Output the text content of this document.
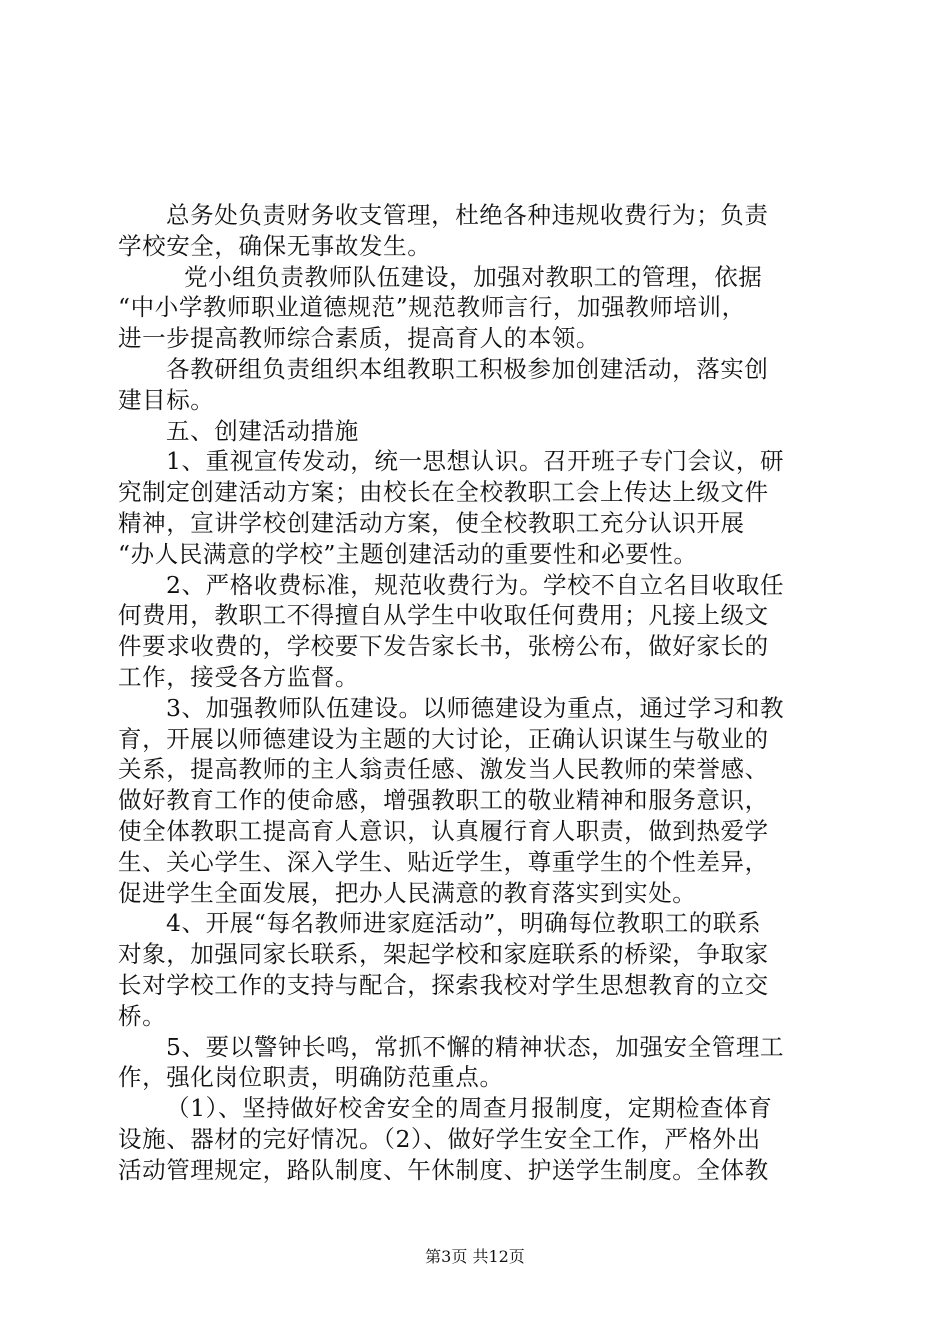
总务处负责财务收支管理，杜绝各种违规收费行为；负责
学校安全，确保无事故发生。
党小组负责教师队伍建设，加强对教职工的管理，依据
“中小学教师职业道德规范”规范教师言行，加强教师培训，
进一步提高教师综合素质，提高育人的本领。
各教研组负责组织本组教职工积极参加创建活动，落实创
建目标。
五、创建活动措施
1、重视宣传发动，统一思想认识。召开班子专门会议，研
究制定创建活动方案；由校长在全校教职工会上传达上级文件
精神，宣讲学校创建活动方案，使全校教职工充分认识开展
“办人民满意的学校”主题创建活动的重要性和必要性。
2、严格收费标准，规范收费行为。学校不自立名目收取任
何费用，教职工不得擅自从学生中收取任何费用；凡接上级文
件要求收费的，学校要下发告家长书，张榜公布，做好家长的
工作，接受各方监督。
3、加强教师队伍建设。以师德建设为重点，通过学习和教
育，开展以师德建设为主题的大讨论，正确认识谋生与敬业的
关系，提高教师的主人翁责任感、激发当人民教师的荣誉感、
做好教育工作的使命感，增强教职工的敬业精神和服务意识，
使全体教职工提高育人意识，认真履行育人职责，做到热爱学
生、关心学生、深入学生、贴近学生，尊重学生的个性差异，
促进学生全面发展，把办人民满意的教育落实到实处。
4、开展“每名教师进家庭活动”，明确每位教职工的联系
对象，加强同家长联系，架起学校和家庭联系的桥梁，争取家
长对学校工作的支持与配合，探索我校对学生思想教育的立交
桥。
5、要以警钟长鸣，常抓不懈的精神状态，加强安全管理工
作，强化岗位职责，明确防范重点。
（1）、坚持做好校舍安全的周查月报制度，定期检查体育
设施、器材的完好情况。（2）、做好学生安全工作，严格外出
活动管理规定，路队制度、午休制度、护送学生制度。全体教
第3页 共12页
